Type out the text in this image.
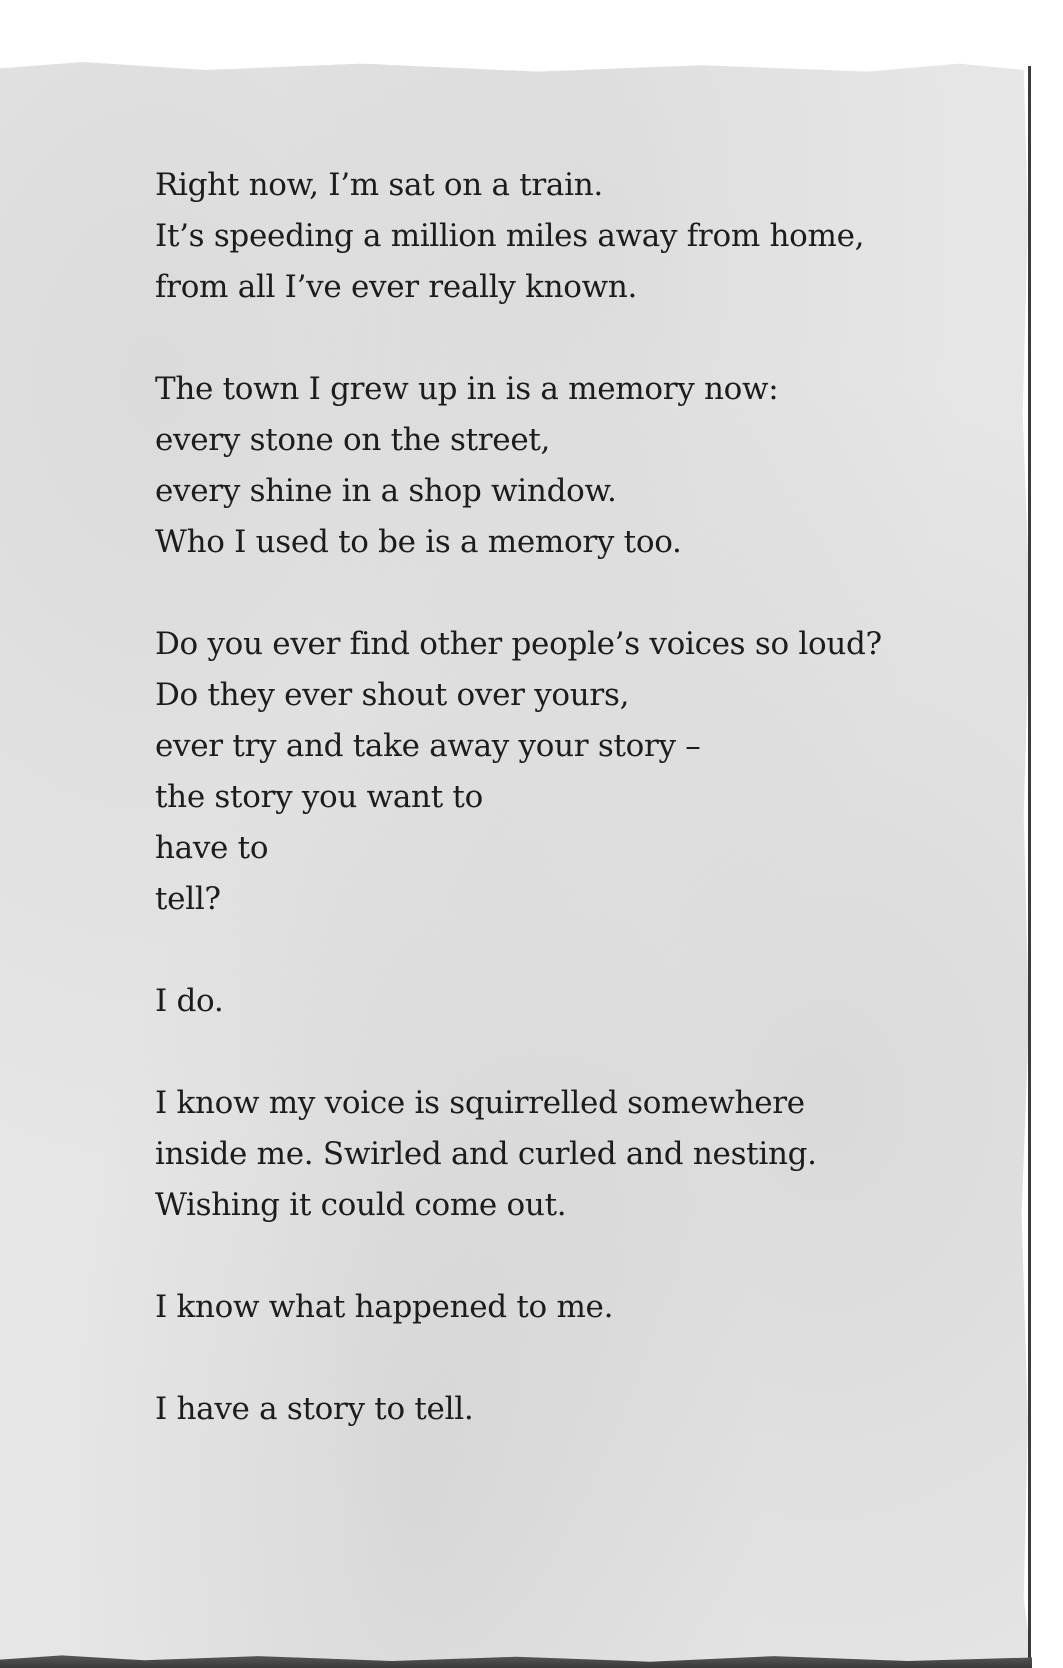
Right now, I’m sat on a train.
It’s speeding a million miles away from home,
from all I’ve ever really known.
The town I grew up in is a memory now:
every stone on the street,
every shine in a shop window.
Who I used to be is a memory too.
Do you ever find other people’s voices so loud?
Do they ever shout over yours,
ever try and take away your story –
the story you want to
have to
tell?
I do.
I know my voice is squirrelled somewhere
inside me. Swirled and curled and nesting.
Wishing it could come out.
I know what happened to me.
I have a story to tell.
